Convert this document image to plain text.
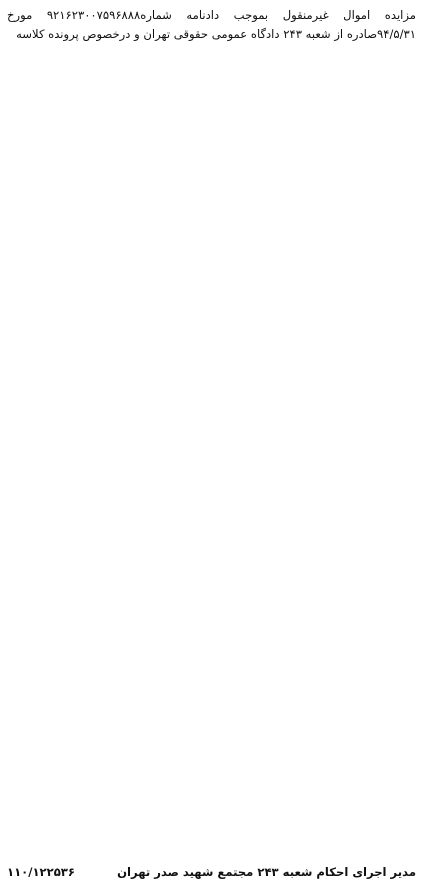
مزایده اموال غیرمنقول بموجب دادنامه شماره۹۲۱۶۲۳۰۰۷۵۹۶۸۸۸ مورخ ۹۴/۵/۳۱صادره از شعبه ۲۴۳ دادگاه عمومی حقوقی تهران و درخصوص پرونده کلاسه
مدیر اجرای احکام شعبه ۲۴۳ مجتمع شهید صدر تهران
۱۱۰/۱۲۲۵۳۶
